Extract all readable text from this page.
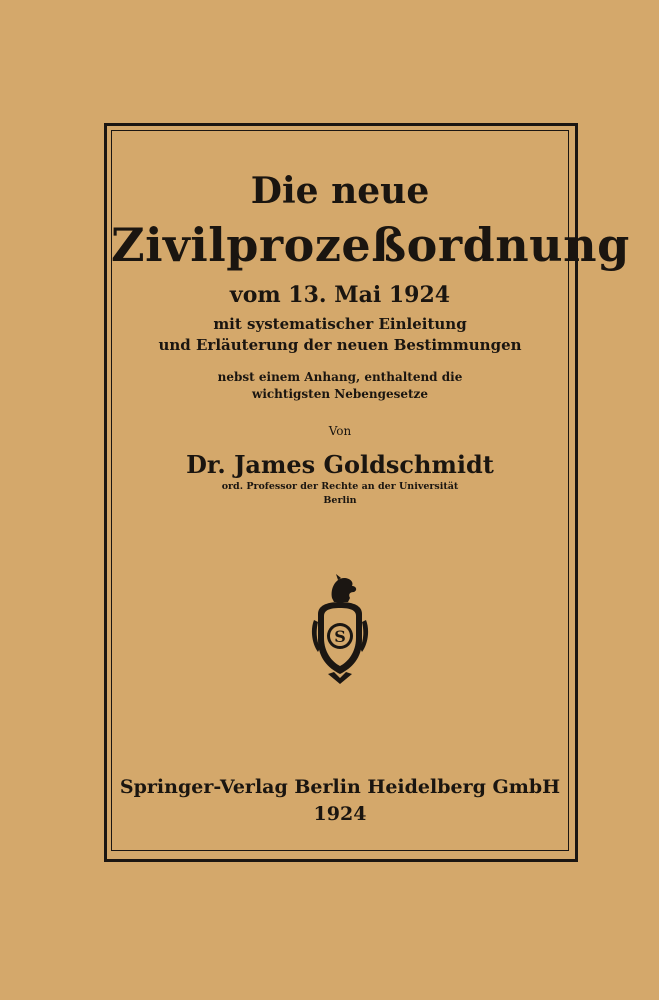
Die neue
Zivilprozeßordnung
vom 13. Mai 1924
mit systematischer Einleitung
und Erläuterung der neuen Bestimmungen
nebst einem Anhang, enthaltend die
wichtigsten Nebengesetze
Von
Dr. James Goldschmidt
ord. Professor der Rechte an der Universität
Berlin
S
Springer-Verlag Berlin Heidelberg GmbH
1924
